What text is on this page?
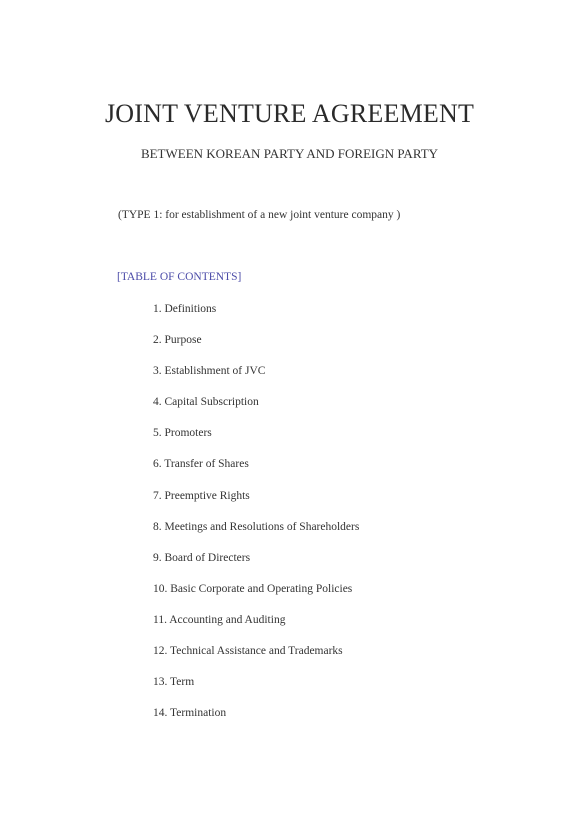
JOINT VENTURE AGREEMENT
BETWEEN KOREAN PARTY AND FOREIGN PARTY
(TYPE 1: for establishment of a new joint venture company )
[TABLE OF CONTENTS]
1. Definitions
2. Purpose
3. Establishment of JVC
4. Capital Subscription
5. Promoters
6. Transfer of Shares
7. Preemptive Rights
8. Meetings and Resolutions of Shareholders
9. Board of Directers
10. Basic Corporate and Operating Policies
11. Accounting and Auditing
12. Technical Assistance and Trademarks
13. Term
14. Termination
